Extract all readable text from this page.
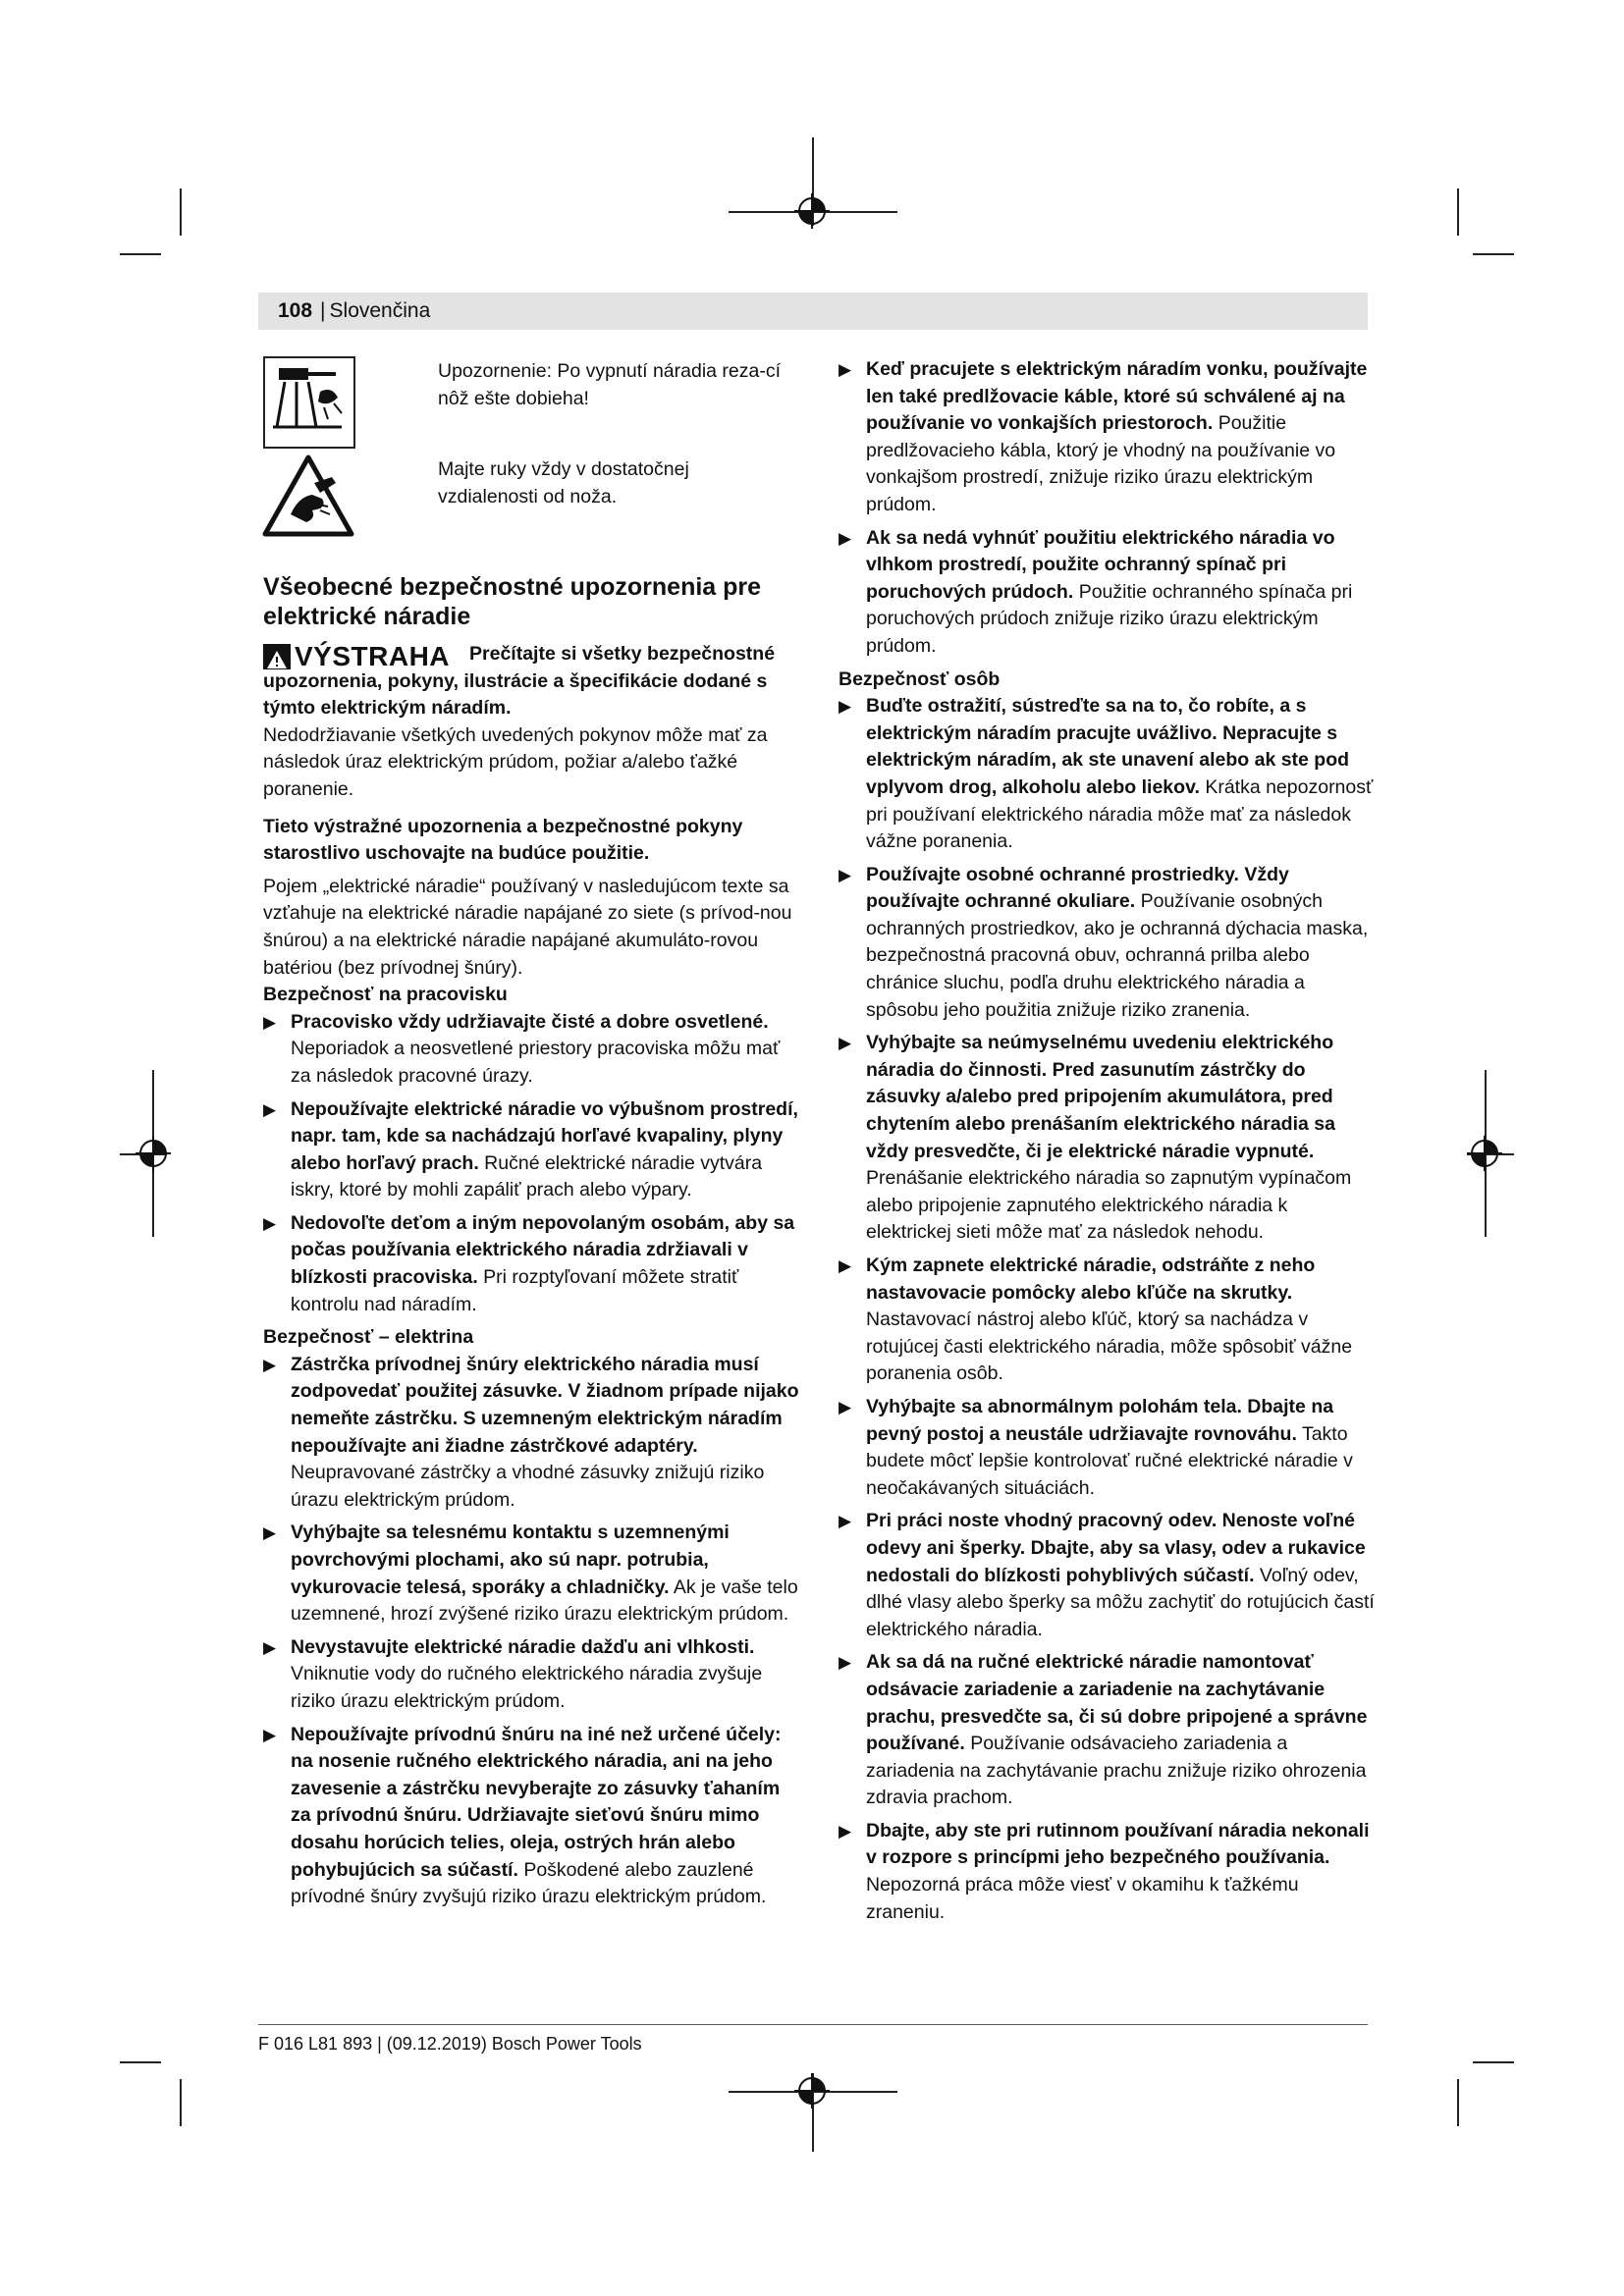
108 | Slovenčina
Upozornenie: Po vypnutí náradia reza-cí nôž ešte dobieha!
Majte ruky vždy v dostatočnej vzdialenosti od noža.
Všeobecné bezpečnostné upozornenia pre elektrické náradie
VÝSTRAHA	Prečítajte si všetky bezpečnostné upozornenia, pokyny, ilustrácie a špecifikácie dodané s týmto elektrickým náradím.

Nedodržiavanie všetkých uvedených pokynov môže mať za následok úraz elektrickým prúdom, požiar a/alebo ťažké poranenie.

Tieto výstražné upozornenia a bezpečnostné pokyny starostlivo uschovajte na budúce použitie.

Pojem „elektrické náradie“ používaný v nasledujúcom texte sa vzťahuje na elektrické náradie napájané zo siete (s prívod-nou šnúrou) a na elektrické náradie napájané akumuláto-rovou batériou (bez prívodnej šnúry).

Bezpečnosť na pracovisku

▶ Pracovisko vždy udržiavajte čisté a dobre osvetlené. Neporiadok a neosvetlené priestory pracoviska môžu mať za následok pracovné úrazy.
▶ Nepoužívajte elektrické náradie vo výbušnom prostredí, napr. tam, kde sa nachádzajú horľavé kvapaliny, plyny alebo horľavý prach. Ručné elektrické náradie vytvára iskry, ktoré by mohli zapáliť prach alebo výpary.
▶ Nedovoľte deťom a iným nepovolaným osobám, aby sa počas používania elektrického náradia zdržiavali v blízkosti pracoviska. Pri rozptyľovaní môžete stratiť kontrolu nad náradím.

Bezpečnosť – elektrina

▶ Zástrčka prívodnej šnúry elektrického náradia musí zodpovedať použitej zásuvke. V žiadnom prípade nijako nemeňte zástrčku. S uzemneným elektrickým náradím nepoužívajte ani žiadne zástrčkové adaptéry. Neupravované zástrčky a vhodné zásuvky znižujú riziko úrazu elektrickým prúdom.
▶ Vyhýbajte sa telesnému kontaktu s uzemnenými povrchovými plochami, ako sú napr. potrubia, vykurovacie telesá, sporáky a chladničky. Ak je vaše telo uzemnené, hrozí zvýšené riziko úrazu elektrickým prúdom.
▶ Nevystavujte elektrické náradie dažďu ani vlhkosti. Vniknutie vody do ručného elektrického náradia zvyšuje riziko úrazu elektrickým prúdom.
▶ Nepoužívajte prívodnú šnúru na iné než určené účely: na nosenie ručného elektrického náradia, ani na jeho zavesenie a zástrčku nevyberajte zo zásuvky ťahaním za prívodnú šnúru. Udržiavajte sieťovú šnúru mimo dosahu horúcich telies, oleja, ostrých hrán alebo pohybujúcich sa súčastí. Poškodené alebo zauzlené prívodné šnúry zvyšujú riziko úrazu elektrickým prúdom.
▶ Keď pracujete s elektrickým náradím vonku, používajte len také predlžovacie káble, ktoré sú schválené aj na používanie vo vonkajších priestoroch. Použitie predlžovacieho kábla, ktorý je vhodný na používanie vo vonkajšom prostredí, znižuje riziko úrazu elektrickým prúdom.
▶ Ak sa nedá vyhnúť použitiu elektrického náradia vo vlhkom prostredí, použite ochranný spínač pri poruchových prúdoch. Použitie ochranného spínača pri poruchových prúdoch znižuje riziko úrazu elektrickým prúdom.

Bezpečnosť osôb

▶ Buďte ostražití, sústreďte sa na to, čo robíte, a s elektrickým náradím pracujte uvážlivo. Nepracujte s elektrickým náradím, ak ste unavení alebo ak ste pod vplyvom drog, alkoholu alebo liekov. Krátka nepozornosť pri používaní elektrického náradia môže mať za následok vážne poranenia.
▶ Používajte osobné ochranné prostriedky. Vždy používajte ochranné okuliare. Používanie osobných ochranných prostriedkov, ako je ochranná dýchacia maska, bezpečnostná pracovná obuv, ochranná prilba alebo chránice sluchu, podľa druhu elektrického náradia a spôsobu jeho použitia znižuje riziko zranenia.
▶ Vyhýbajte sa neúmyselnému uvedeniu elektrického náradia do činnosti. Pred zasunutím zástrčky do zásuvky a/alebo pred pripojením akumulátora, pred chytením alebo prenášaním elektrického náradia sa vždy presvedčte, či je elektrické náradie vypnuté. Prenášanie elektrického náradia so zapnutým vypínačom alebo pripojenie zapnutého elektrického náradia k elektrickej sieti môže mať za následok nehodu.
▶ Kým zapnete elektrické náradie, odstráňte z neho nastavovacie pomôcky alebo kľúče na skrutky. Nastavovací nástroj alebo kľúč, ktorý sa nachádza v rotujúcej časti elektrického náradia, môže spôsobiť vážne poranenia osôb.
▶ Vyhýbajte sa abnormálnym polohám tela. Dbajte na pevný postoj a neustále udržiavajte rovnováhu. Takto budete môcť lepšie kontrolovať ručné elektrické náradie v neočakávaných situáciách.
▶ Pri práci noste vhodný pracovný odev. Nenoste voľné odevy ani šperky. Dbajte, aby sa vlasy, odev a rukavice nedostali do blízkosti pohyblivých súčastí. Voľný odev, dlhé vlasy alebo šperky sa môžu zachytiť do rotujúcich častí elektrického náradia.
▶ Ak sa dá na ručné elektrické náradie namontovať odsávacie zariadenie a zariadenie na zachytávanie prachu, presvedčte sa, či sú dobre pripojené a správne používané. Používanie odsávacieho zariadenia a zariadenia na zachytávanie prachu znižuje riziko ohrozenia zdravia prachom.
▶ Dbajte, aby ste pri rutinnom používaní náradia nekonali v rozpore s princípmi jeho bezpečného používania. Nepozorná práca môže viesť v okamihu k ťažkému zraneniu.
F 016 L81 893 | (09.12.2019) Bosch Power Tools
